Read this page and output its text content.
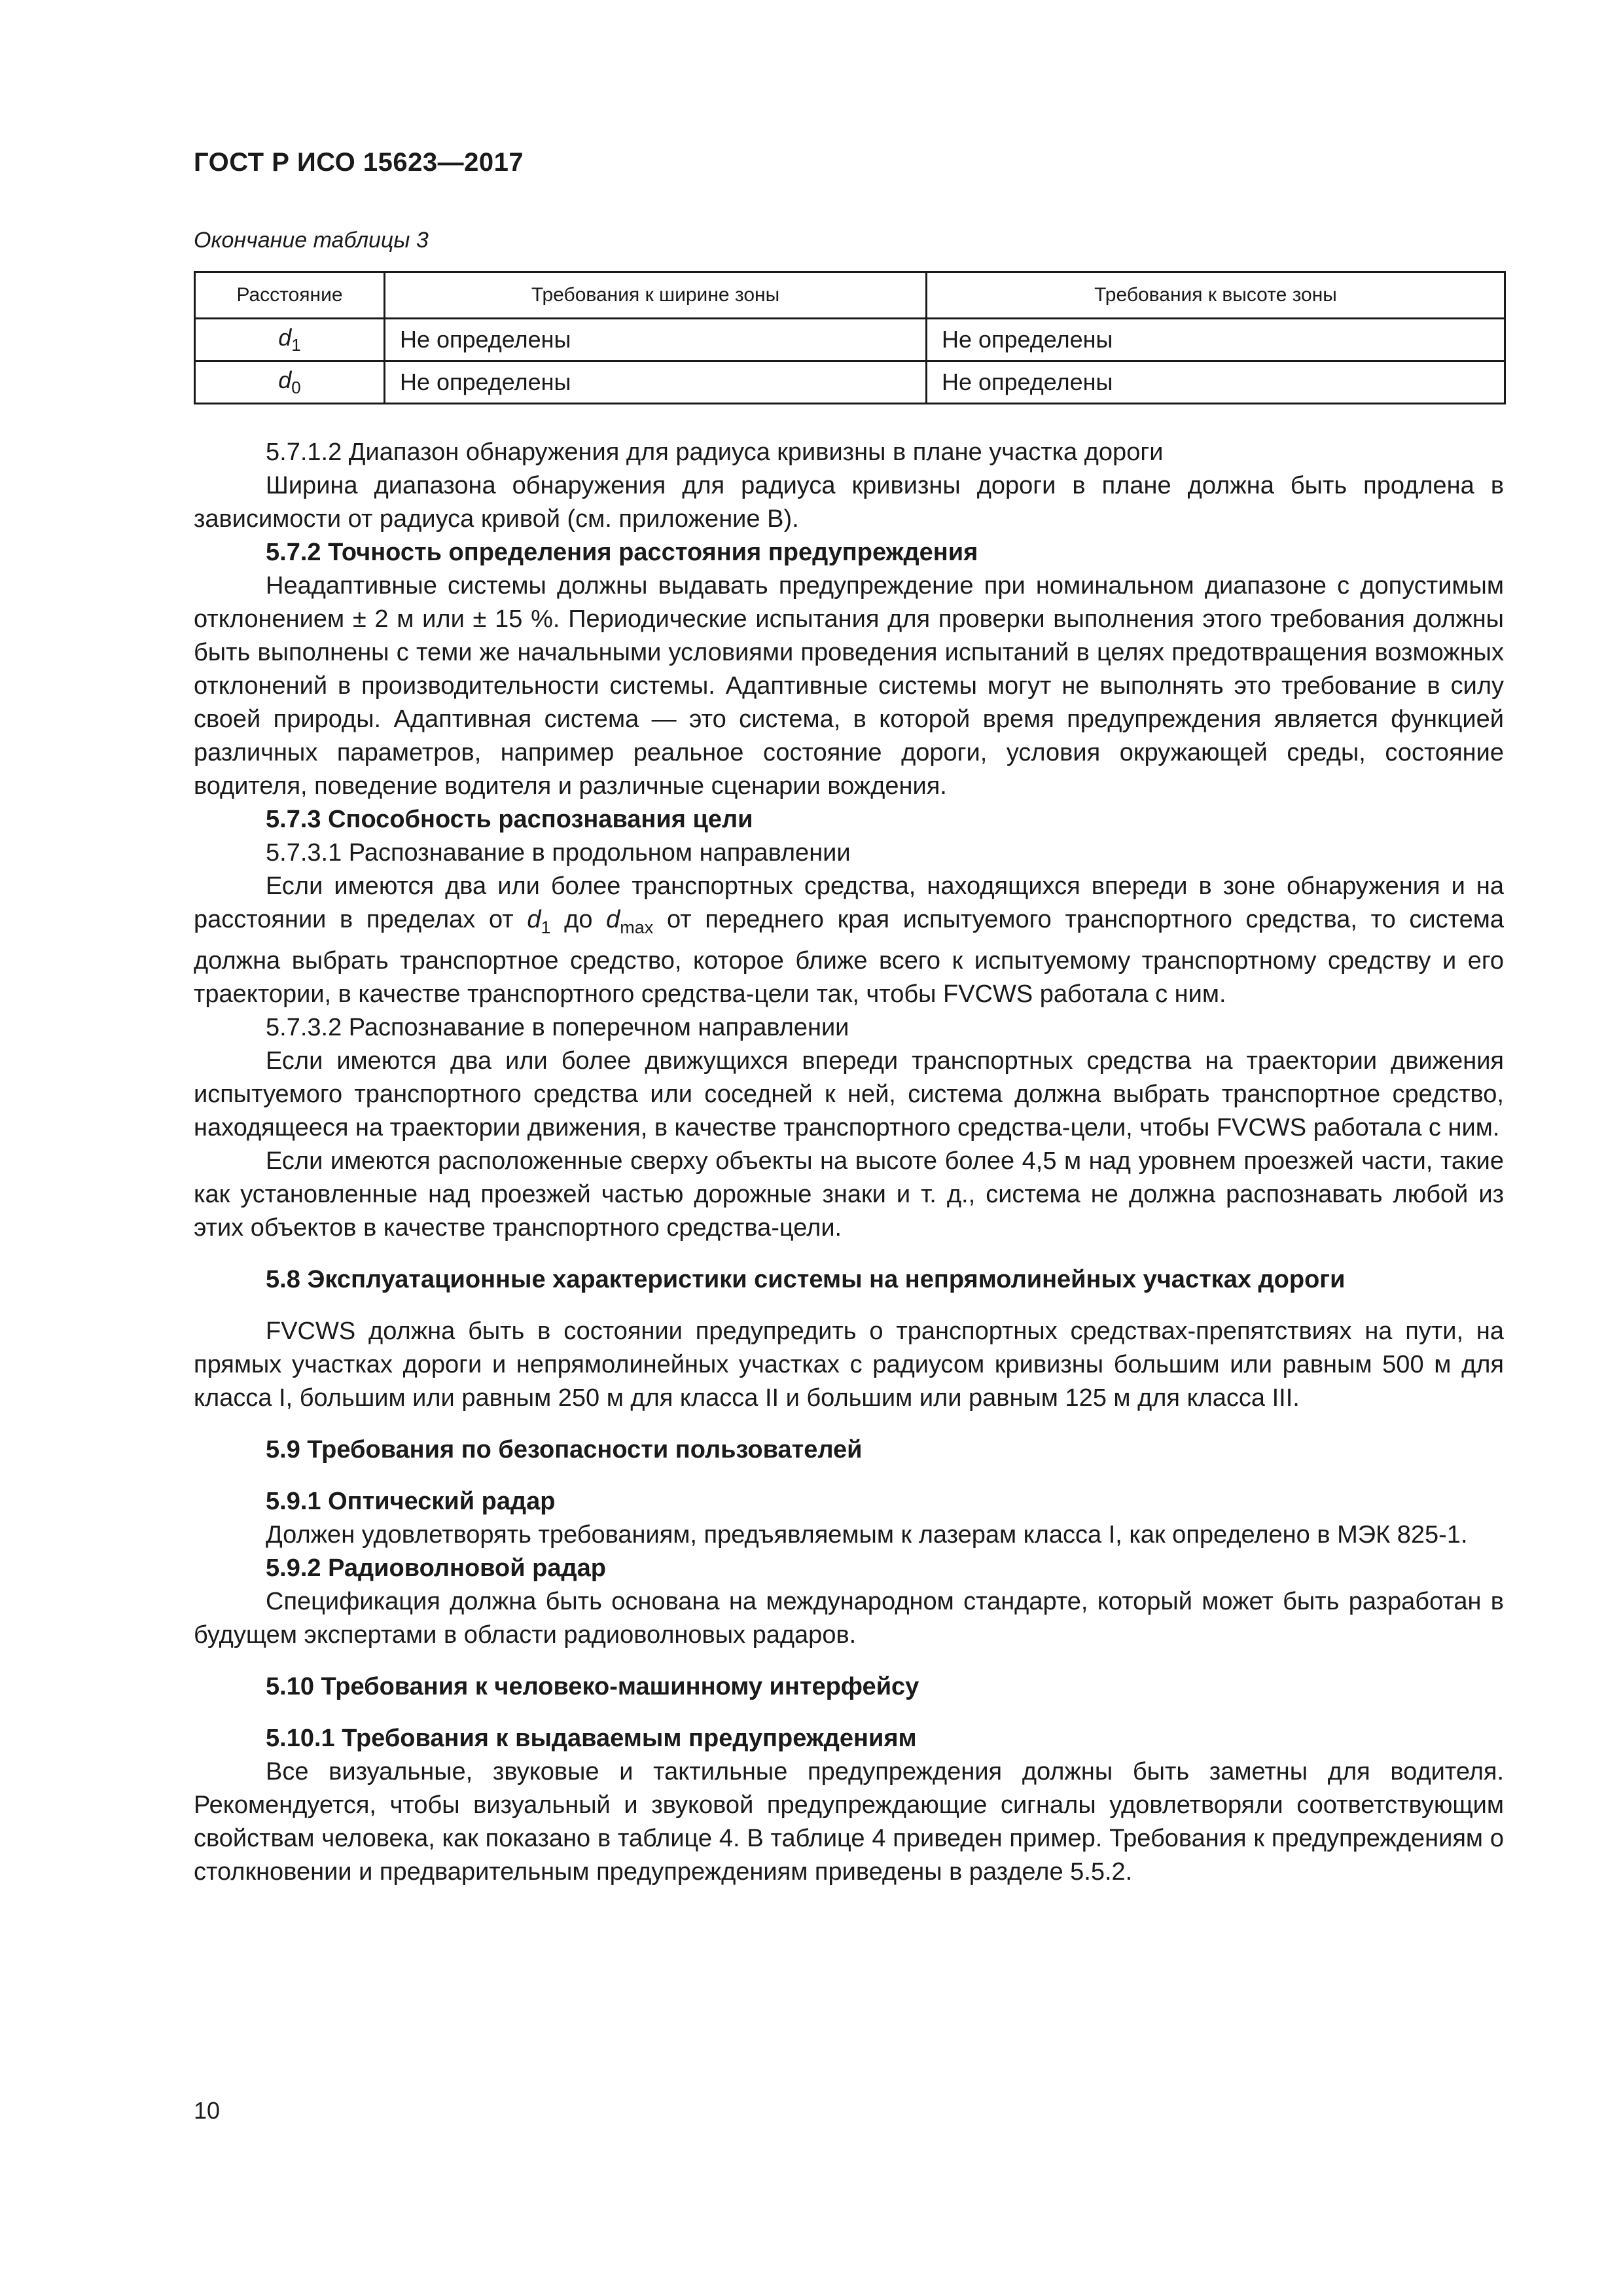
ГОСТ Р ИСО 15623—2017
Окончание таблицы 3
Расстояние	Требования к ширине зоны	Требования к высоте зоны
$d_1$	Не определены	Не определены
$d_0$	Не определены	Не определены

5.7.1.2 Диапазон обнаружения для радиуса кривизны в плане участка дороги

Ширина диапазона обнаружения для радиуса кривизны дороги в плане должна быть продлена в зависимости от радиуса кривой (см. приложение В).

5.7.2 Точность определения расстояния предупреждения

Неадаптивные системы должны выдавать предупреждение при номинальном диапазоне с допустимым отклонением ± 2 м или ± 15 %. Периодические испытания для проверки выполнения этого требования должны быть выполнены с теми же начальными условиями проведения испытаний в целях предотвращения возможных отклонений в производительности системы. Адаптивные системы могут не выполнять это требование в силу своей природы. Адаптивная система — это система, в которой время предупреждения является функцией различных параметров, например реальное состояние дороги, условия окружающей среды, состояние водителя, поведение водителя и различные сценарии вождения.

5.7.3 Способность распознавания цели

5.7.3.1 Распознавание в продольном направлении

Если имеются два или более транспортных средства, находящихся впереди в зоне обнаружения и на расстоянии в пределах от $d_1$ до $d_{max}$ от переднего края испытуемого транспортного средства, то система должна выбрать транспортное средство, которое ближе всего к испытуемому транспортному средству и его траектории, в качестве транспортного средства-цели так, чтобы FVCWS работала с ним.

5.7.3.2 Распознавание в поперечном направлении

Если имеются два или более движущихся впереди транспортных средства на траектории движения испытуемого транспортного средства или соседней к ней, система должна выбрать транспортное средство, находящееся на траектории движения, в качестве транспортного средства-цели, чтобы FVCWS работала с ним.

Если имеются расположенные сверху объекты на высоте более 4,5 м над уровнем проезжей части, такие как установленные над проезжей частью дорожные знаки и т. д., система не должна распознавать любой из этих объектов в качестве транспортного средства-цели.

5.8 Эксплуатационные характеристики системы на непрямолинейных участках дороги

FVCWS должна быть в состоянии предупредить о транспортных средствах-препятствиях на пути, на прямых участках дороги и непрямолинейных участках с радиусом кривизны большим или равным 500 м для класса I, большим или равным 250 м для класса II и большим или равным 125 м для класса III.

5.9 Требования по безопасности пользователей

5.9.1 Оптический радар

Должен удовлетворять требованиям, предъявляемым к лазерам класса I, как определено в МЭК 825-1.

5.9.2 Радиоволновой радар

Спецификация должна быть основана на международном стандарте, который может быть разработан в будущем экспертами в области радиоволновых радаров.

5.10 Требования к человеко-машинному интерфейсу

5.10.1 Требования к выдаваемым предупреждениям

Все визуальные, звуковые и тактильные предупреждения должны быть заметны для водителя. Рекомендуется, чтобы визуальный и звуковой предупреждающие сигналы удовлетворяли соответствующим свойствам человека, как показано в таблице 4. В таблице 4 приведен пример. Требования к предупреждениям о столкновении и предварительным предупреждениям приведены в разделе 5.5.2.

10
